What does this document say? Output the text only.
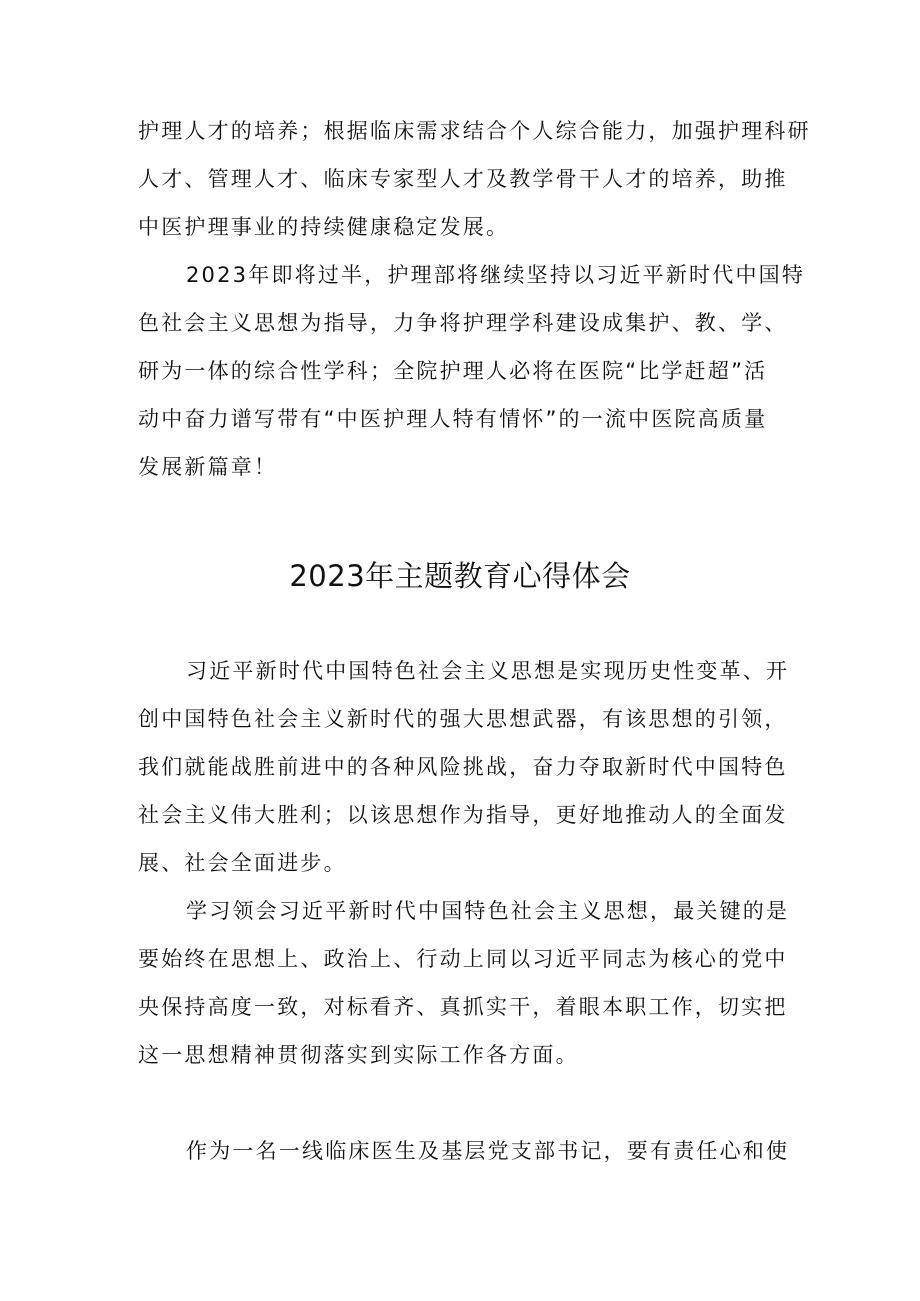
护理人才的培养；根据临床需求结合个人综合能力，加强护理科研
人才、管理人才、临床专家型人才及教学骨干人才的培养，助推
中医护理事业的持续健康稳定发展。
2023年即将过半，护理部将继续坚持以习近平新时代中国特
色社会主义思想为指导，力争将护理学科建设成集护、教、学、
研为一体的综合性学科；全院护理人必将在医院“比学赶超”活
动中奋力谱写带有“中医护理人特有情怀”的一流中医院高质量
发展新篇章！
2023年主题教育心得体会
习近平新时代中国特色社会主义思想是实现历史性变革、开
创中国特色社会主义新时代的强大思想武器，有该思想的引领，
我们就能战胜前进中的各种风险挑战，奋力夺取新时代中国特色
社会主义伟大胜利；以该思想作为指导，更好地推动人的全面发
展、社会全面进步。
学习领会习近平新时代中国特色社会主义思想，最关键的是
要始终在思想上、政治上、行动上同以习近平同志为核心的党中
央保持高度一致，对标看齐、真抓实干，着眼本职工作，切实把
这一思想精神贯彻落实到实际工作各方面。
作为一名一线临床医生及基层党支部书记，要有责任心和使
